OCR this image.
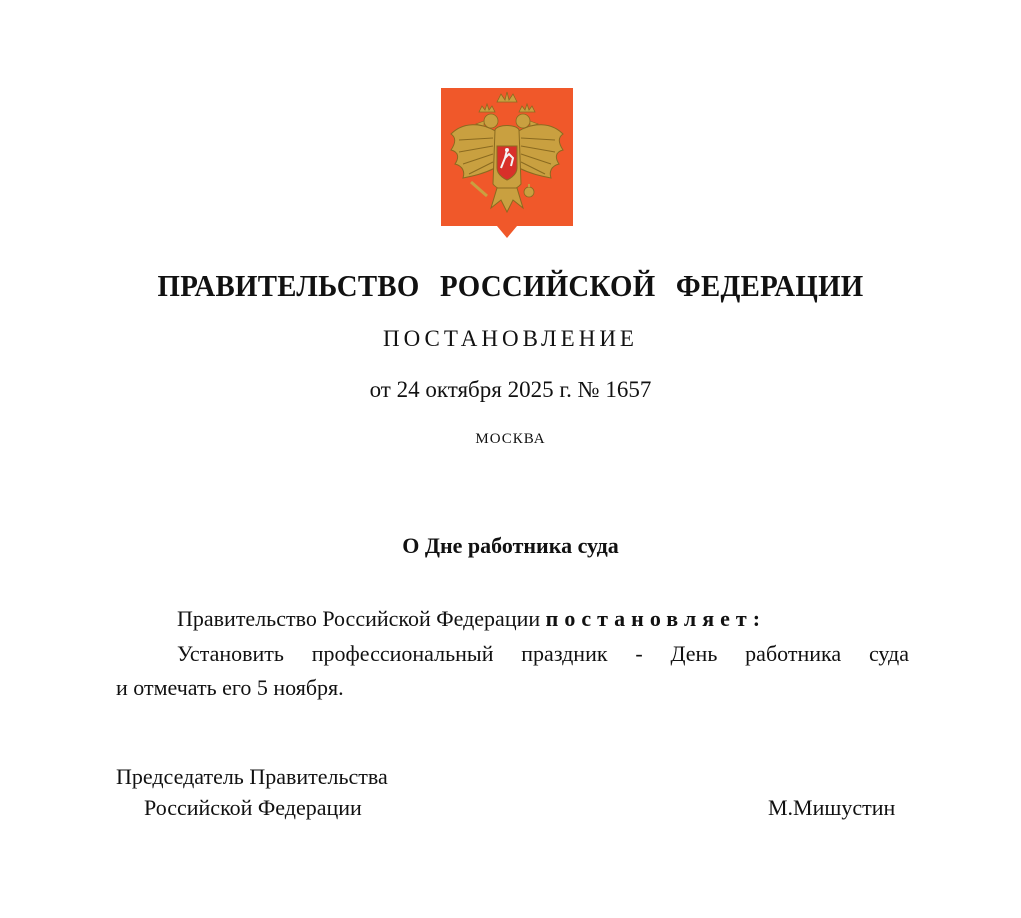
ПРАВИТЕЛЬСТВО РОССИЙСКОЙ ФЕДЕРАЦИИ
ПОСТАНОВЛЕНИЕ
от 24 октября 2025 г. № 1657
МОСКВА
О Дне работника суда
Правительство Российской Федерации постановляет:
Установить профессиональный праздник - День работника суда
и отмечать его 5 ноября.
Председатель Правительства
Российской Федерации	М.Мишустин
